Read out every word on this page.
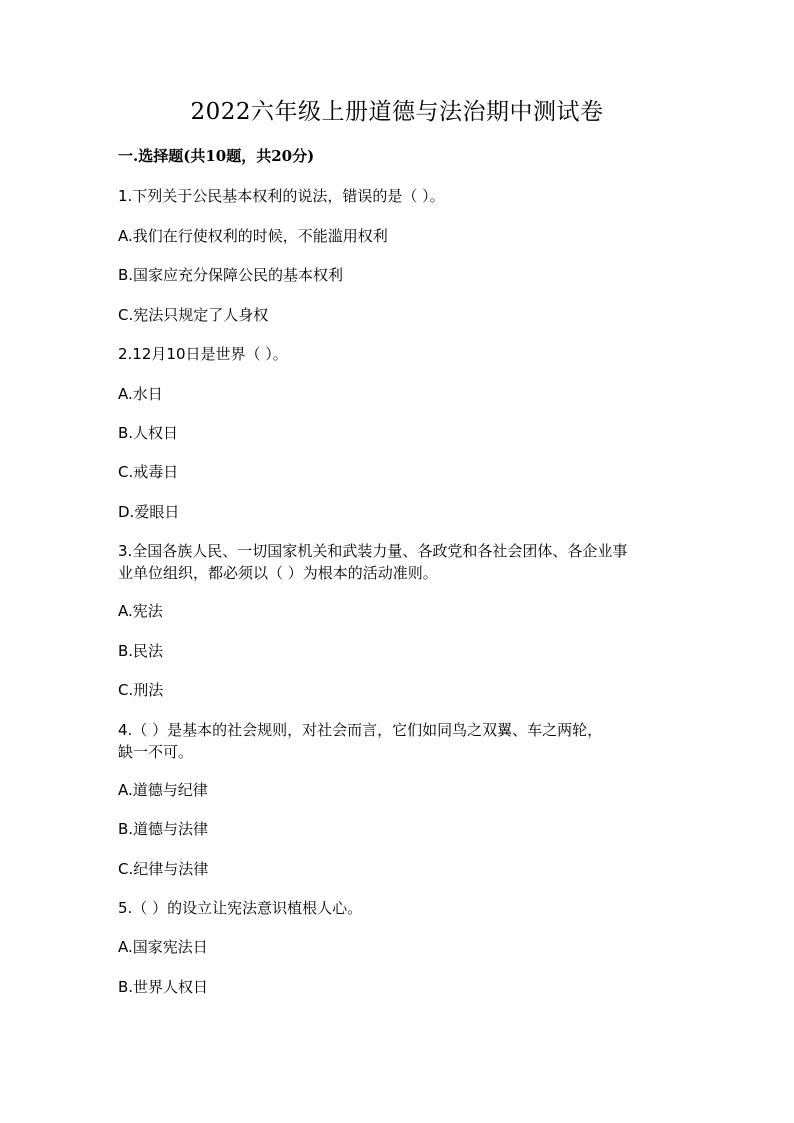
2022六年级上册道德与法治期中测试卷
一.选择题(共10题，共20分)
1.下列关于公民基本权利的说法，错误的是（ ）。
A.我们在行使权利的时候，不能滥用权利
B.国家应充分保障公民的基本权利
C.宪法只规定了人身权
2.12月10日是世界（ ）。
A.水日
B.人权日
C.戒毒日
D.爱眼日
3.全国各族人民、一切国家机关和武装力量、各政党和各社会团体、各企业事
业单位组织，都必须以（ ）为根本的活动准则。
A.宪法
B.民法
C.刑法
4.（ ）是基本的社会规则，对社会而言，它们如同鸟之双翼、车之两轮，
缺一不可。
A.道德与纪律
B.道德与法律
C.纪律与法律
5.（ ）的设立让宪法意识植根人心。
A.国家宪法日
B.世界人权日
